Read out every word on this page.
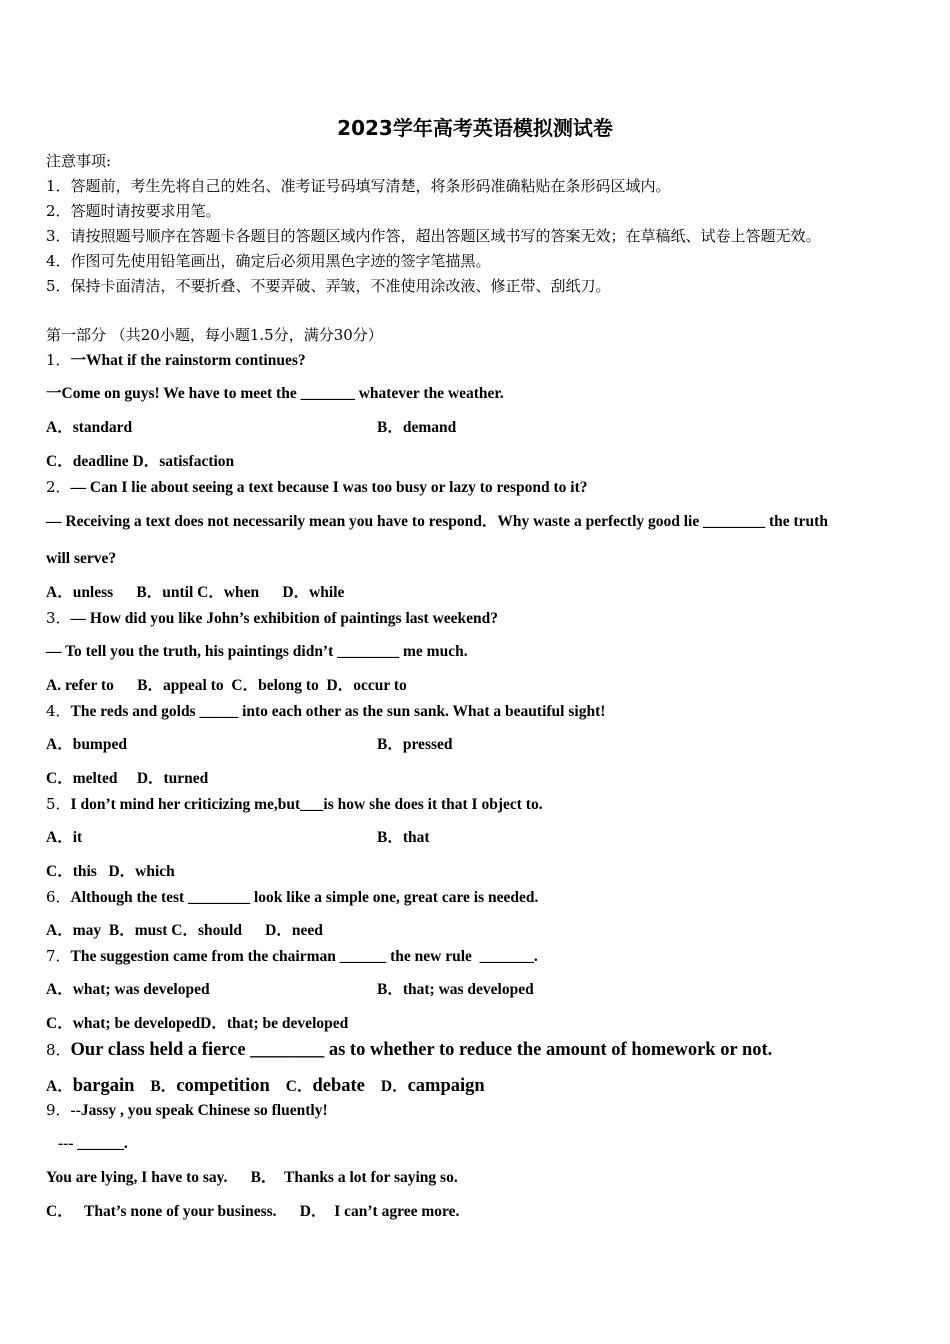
2023学年高考英语模拟测试卷
注意事项:
1．答题前，考生先将自己的姓名、准考证号码填写清楚，将条形码准确粘贴在条形码区域内。
2．答题时请按要求用笔。
3．请按照题号顺序在答题卡各题目的答题区域内作答，超出答题区域书写的答案无效；在草稿纸、试卷上答题无效。
4．作图可先使用铅笔画出，确定后必须用黑色字迹的签字笔描黑。
5．保持卡面清洁，不要折叠、不要弄破、弄皱，不准使用涂改液、修正带、刮纸刀。
第一部分 （共20小题，每小题1.5分，满分30分）
1．一What if the rainstorm continues?
一Come on guys! We have to meet the _______ whatever the weather.
A．standard	B．demand
C．deadline D．satisfaction
2．— Can I lie about seeing a text because I was too busy or lazy to respond to it?
— Receiving a text does not necessarily mean you have to respond．Why waste a perfectly good lie ________ the truth
will serve?
A．unless      B．until C．when      D．while
3．— How did you like John’s exhibition of paintings last weekend?
— To tell you the truth, his paintings didn’t ________ me much.
A. refer to      B．appeal to  C．belong to  D．occur to
4．The reds and golds _____ into each other as the sun sank. What a beautiful sight!
A．bumped	B．pressed
C．melted     D．turned
5．I don’t mind her criticizing me,but___is how she does it that I object to.
A．it	B．that
C．this   D．which
6．Although the test ________ look like a simple one, great care is needed.
A．may  B．must C．should      D．need
7．The suggestion came from the chairman ______ the new rule  _______.
A．what; was developed	B．that; was developed
C．what; be developedD．that; be developed
8．Our class held a fierce ________ as to whether to reduce the amount of homework or not.
A．bargain B．competition C．debate D．campaign
9．--Jassy , you speak Chinese so fluently!
--- ______.
You are lying, I have to say.      B．  Thanks a lot for saying so.
C．   That’s none of your business.      D．  I can’t agree more.
